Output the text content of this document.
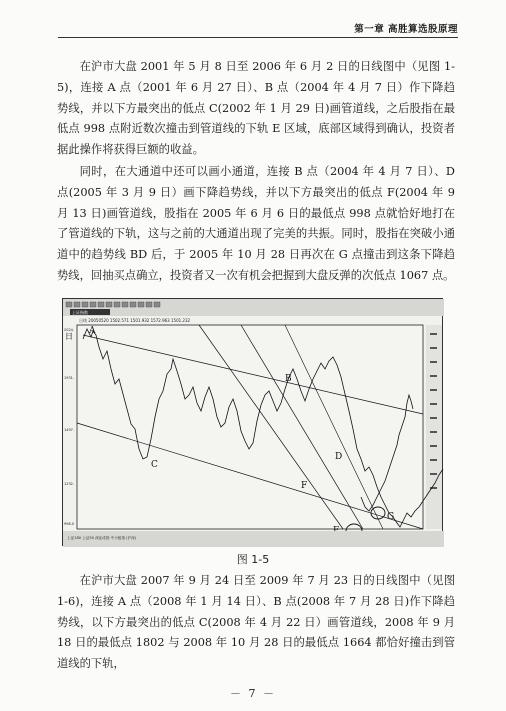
第一章 高胜算选股原理

在沪市大盘 2001 年 5 月 8 日至 2006 年 6 月 2 日的日线图中（见图 1-5)，连接 A 点（2001 年 6 月 27 日）、B 点（2004 年 4 月 7 日）作下降趋势线，并以下方最突出的低点 C(2002 年 1 月 29 日)画管道线，之后股指在最低点 998 点附近数次撞击到管道线的下轨 E 区域，底部区域得到确认，投资者据此操作将获得巨额的收益。

同时，在大通道中还可以画小通道，连接 B 点（2004 年 4 月 7 日）、D 点(2005 年 3 月 9 日）画下降趋势线，并以下方最突出的低点 F(2004 年 9 月 13 日)画管道线，股指在 2005 年 6 月 6 日的最低点 998 点就恰好地打在了管道线的下轨，这与之前的大通道出现了完美的共振。同时，股指在突破小通道中的趋势线 BD 后，于 2005 年 10 月 28 日再次在 G 点撞击到这条下降趋势线，回抽买点确立，投资者又一次有机会把握到大盘反弹的次低点 1067 点。

上证指数
日线 20050520 1502.571 1501.932 1572.963 1501.232
日
2024.
1931.
1497.
1232.
998.0
A
B
C
D
F
G
上证180 上证50 深证成指 中小板指 (沪深)
图 1-5

在沪市大盘 2007 年 9 月 24 日至 2009 年 7 月 23 日的日线图中（见图 1-6)，连接 A 点（2008 年 1 月 14 日）、B 点(2008 年 7 月 28 日)作下降趋势线，以下方最突出的低点 C(2008 年 4 月 22 日）画管道线，2008 年 9 月 18 日的最低点 1802 与 2008 年 10 月 28 日的最低点 1664 都恰好撞击到管道线的下轨，

－ 7 －
